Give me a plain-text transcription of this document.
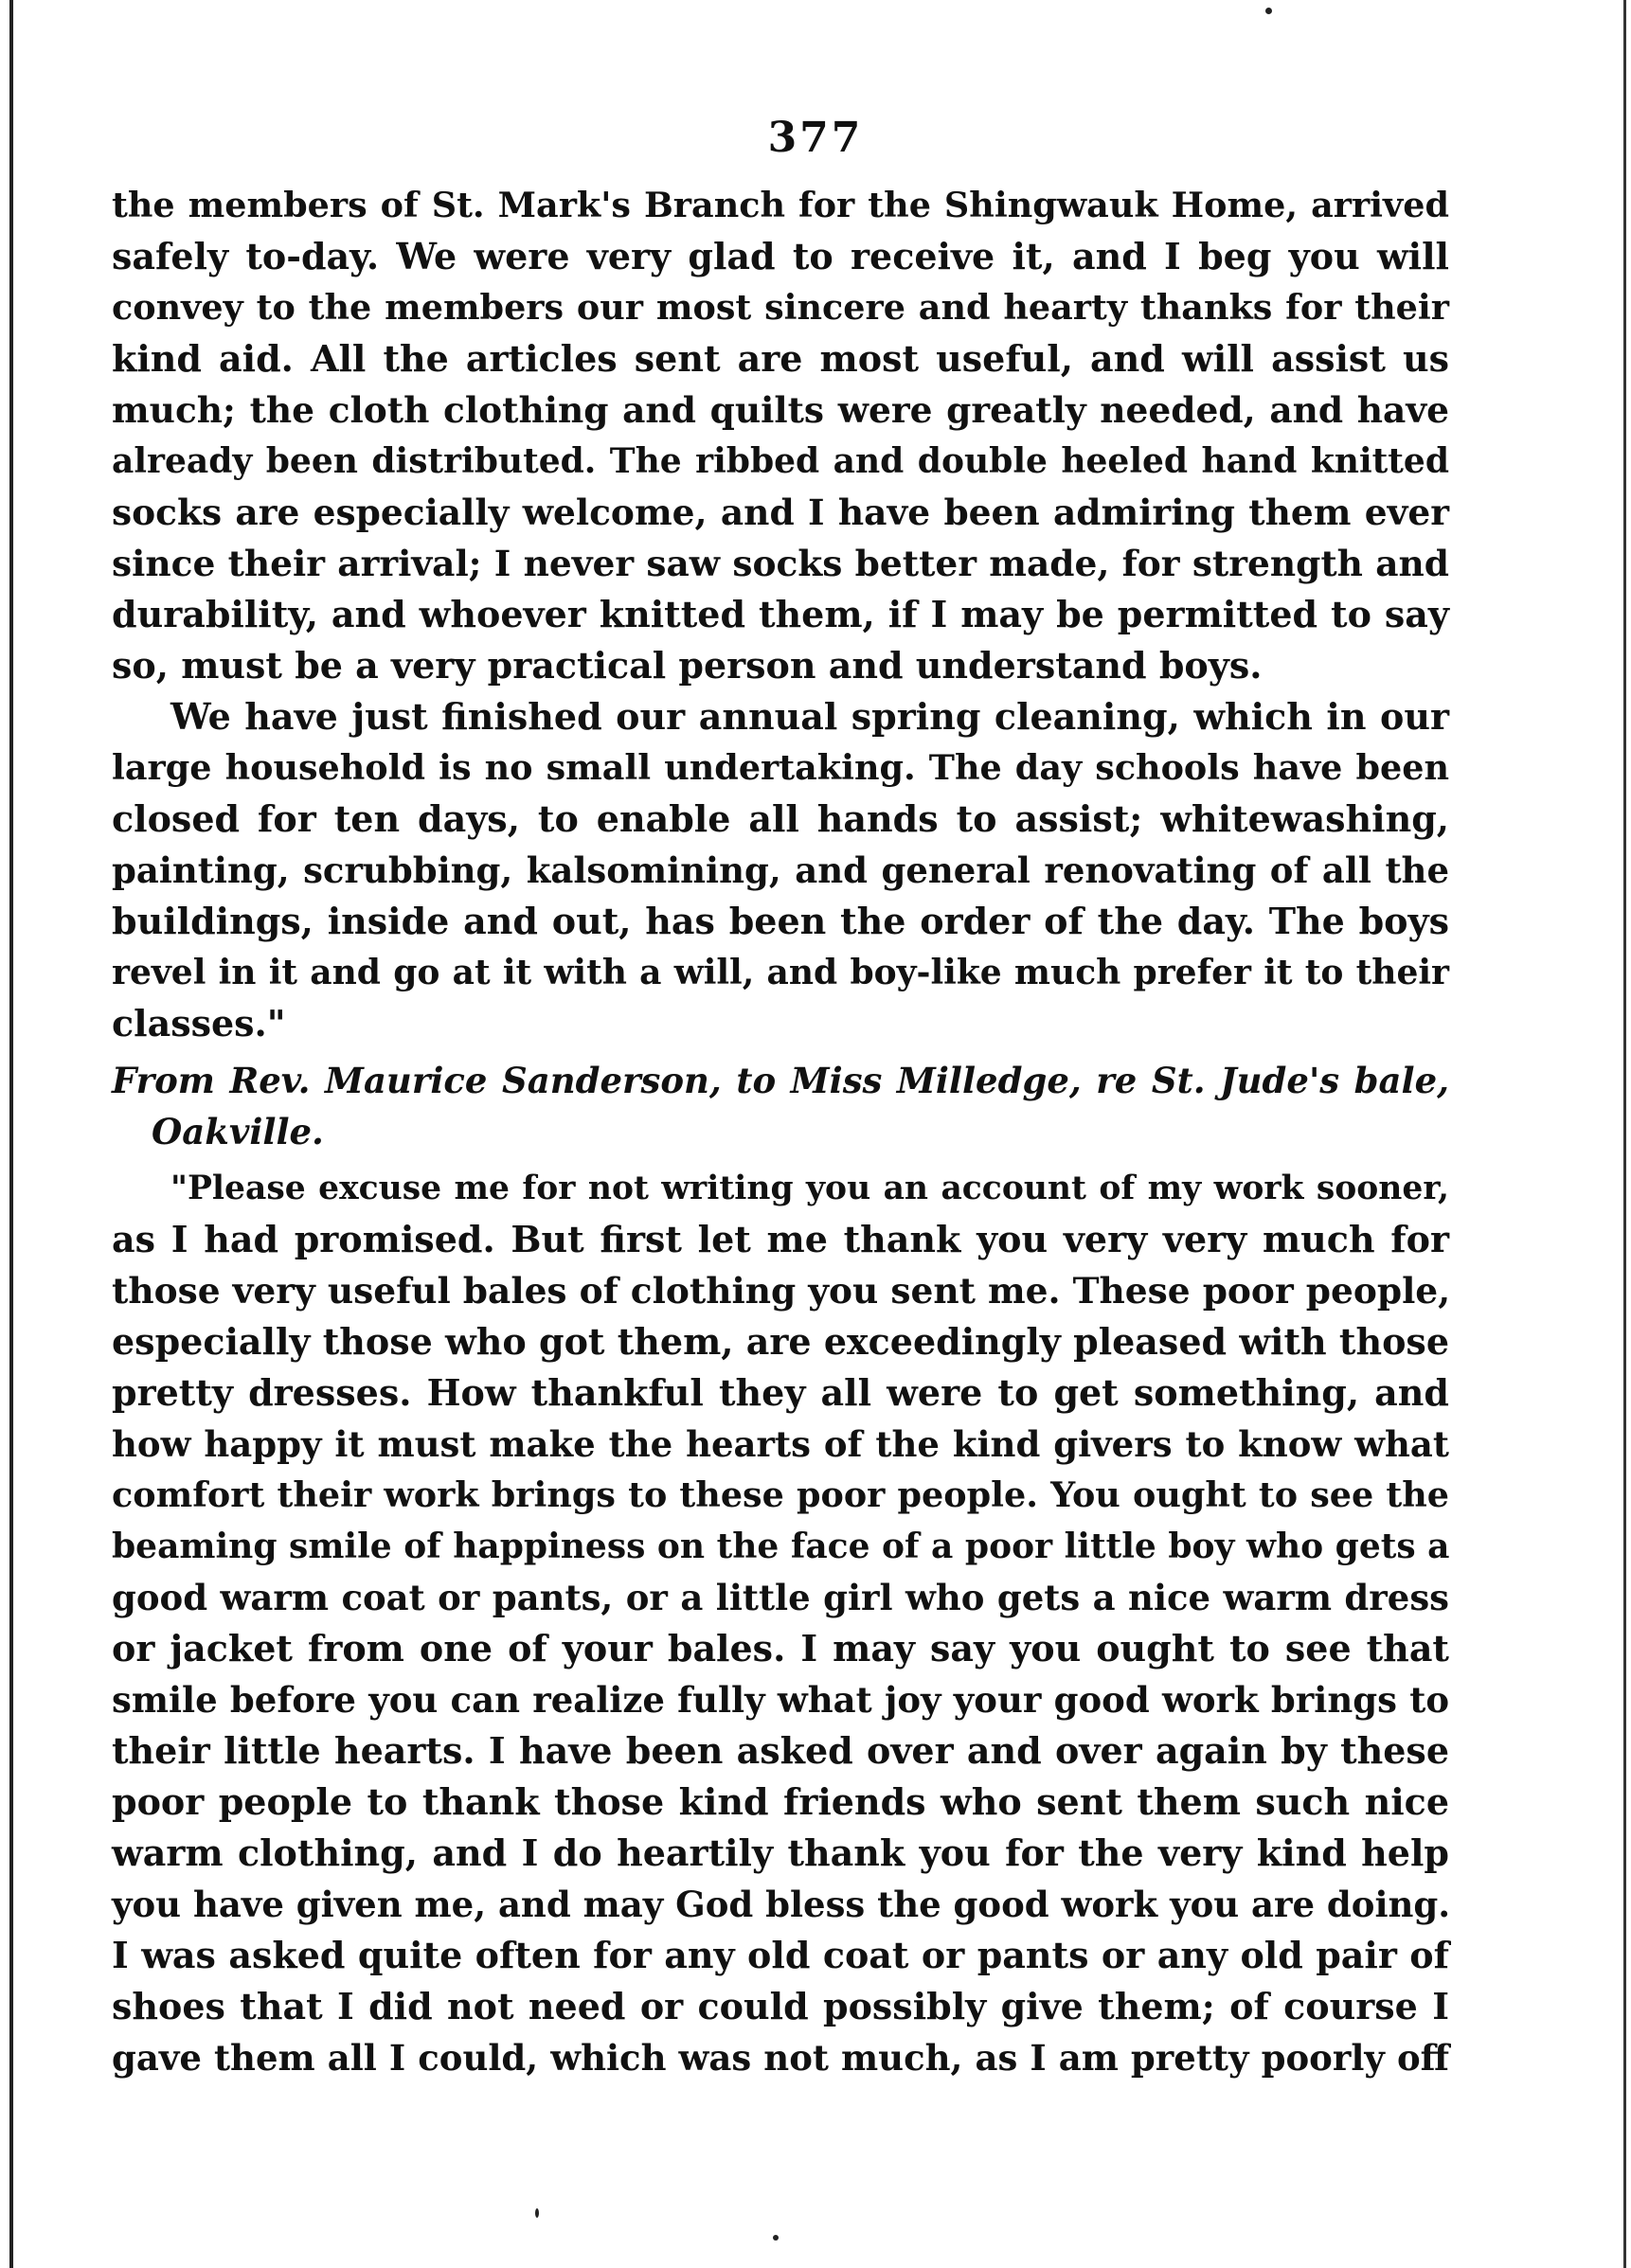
377
the members of St. Mark's Branch for the Shingwauk Home, arrived
safely to-day. We were very glad to receive it, and I beg you will
convey to the members our most sincere and hearty thanks for their
kind aid. All the articles sent are most useful, and will assist us
much; the cloth clothing and quilts were greatly needed, and have
already been distributed. The ribbed and double heeled hand knitted
socks are especially welcome, and I have been admiring them ever
since their arrival; I never saw socks better made, for strength and
durability, and whoever knitted them, if I may be permitted to say
so, must be a very practical person and understand boys.
We have just finished our annual spring cleaning, which in our
large household is no small undertaking. The day schools have been
closed for ten days, to enable all hands to assist; whitewashing,
painting, scrubbing, kalsomining, and general renovating of all the
buildings, inside and out, has been the order of the day. The boys
revel in it and go at it with a will, and boy-like much prefer it to their
classes."
From Rev. Maurice Sanderson, to Miss Milledge, re St. Jude's bale,
Oakville.
"Please excuse me for not writing you an account of my work sooner,
as I had promised. But first let me thank you very very much for
those very useful bales of clothing you sent me. These poor people,
especially those who got them, are exceedingly pleased with those
pretty dresses. How thankful they all were to get something, and
how happy it must make the hearts of the kind givers to know what
comfort their work brings to these poor people. You ought to see the
beaming smile of happiness on the face of a poor little boy who gets a
good warm coat or pants, or a little girl who gets a nice warm dress
or jacket from one of your bales. I may say you ought to see that
smile before you can realize fully what joy your good work brings to
their little hearts. I have been asked over and over again by these
poor people to thank those kind friends who sent them such nice
warm clothing, and I do heartily thank you for the very kind help
you have given me, and may God bless the good work you are doing.
I was asked quite often for any old coat or pants or any old pair of
shoes that I did not need or could possibly give them; of course I
gave them all I could, which was not much, as I am pretty poorly off
